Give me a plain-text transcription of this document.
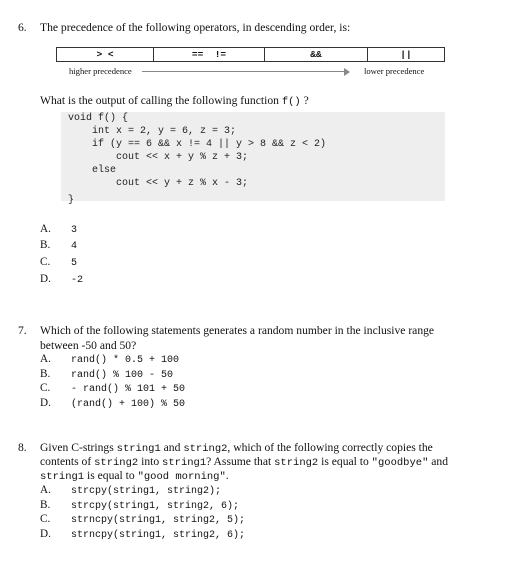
6. The precedence of the following operators, in descending order, is:
> <	==  !=	&&	||
higher precedence	lower precedence
What is the output of calling the following function f() ?
void f() {
int x = 2, y = 6, z = 3;
if (y == 6 && x != 4 || y > 8 && z < 2)
cout << x + y % z + 3;
else
cout << y + z % x - 3;
}
A. 3
B. 4
C. 5
D. -2
7. Which of the following statements generates a random number in the inclusive range
between -50 and 50?
A. rand() * 0.5 + 100
B. rand() % 100 - 50
C. - rand() % 101 + 50
D. (rand() + 100) % 50
8. Given C-strings string1 and string2, which of the following correctly copies the
contents of string2 into string1? Assume that string2 is equal to "goodbye" and
string1 is equal to "good morning".
A. strcpy(string1, string2);
B. strcpy(string1, string2, 6);
C. strncpy(string1, string2, 5);
D. strncpy(string1, string2, 6);
